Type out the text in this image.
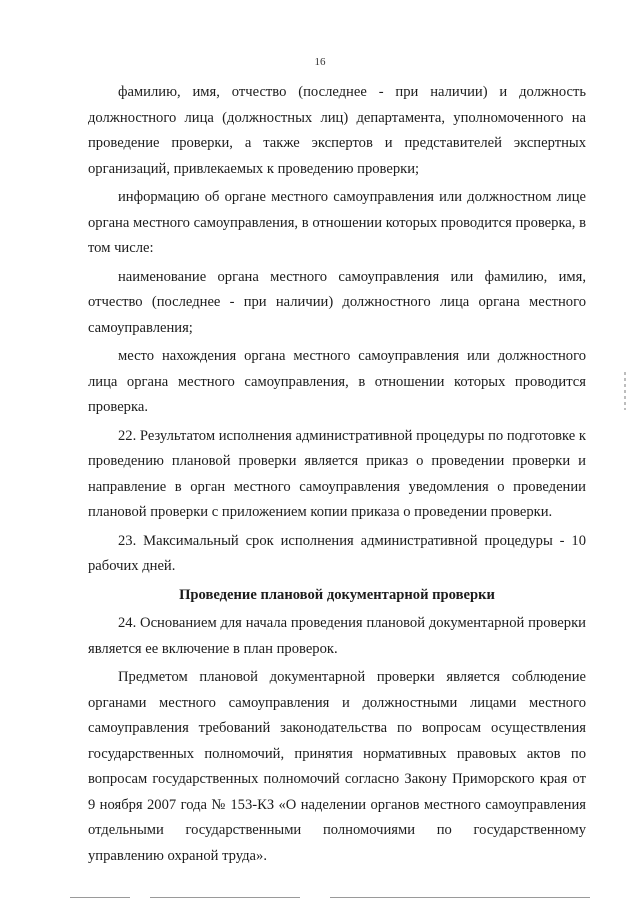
16

фамилию, имя, отчество (последнее - при наличии) и должность должностного лица (должностных лиц) департамента, уполномоченного на проведение проверки, а также экспертов и представителей экспертных организаций, привлекаемых к проведению проверки;

информацию об органе местного самоуправления или должностном лице органа местного самоуправления, в отношении которых проводится проверка, в том числе:

наименование органа местного самоуправления или фамилию, имя, отчество (последнее - при наличии) должностного лица органа местного самоуправления;

место нахождения органа местного самоуправления или должностного лица органа местного самоуправления, в отношении которых проводится проверка.

22. Результатом исполнения административной процедуры по подготовке к проведению плановой проверки является приказ о проведении проверки и направление в орган местного самоуправления уведомления о проведении плановой проверки с приложением копии приказа о проведении проверки.

23. Максимальный срок исполнения административной процедуры - 10 рабочих дней.

Проведение плановой документарной проверки

24. Основанием для начала проведения плановой документарной проверки является ее включение в план проверок.

Предметом плановой документарной проверки является соблюдение органами местного самоуправления и должностными лицами местного самоуправления требований законодательства по вопросам осуществления государственных полномочий, принятия нормативных правовых актов по вопросам государственных полномочий согласно Закону Приморского края от 9 ноября 2007 года № 153-КЗ «О наделении органов местного самоуправления отдельными государственными полномочиями по государственному управлению охраной труда».
